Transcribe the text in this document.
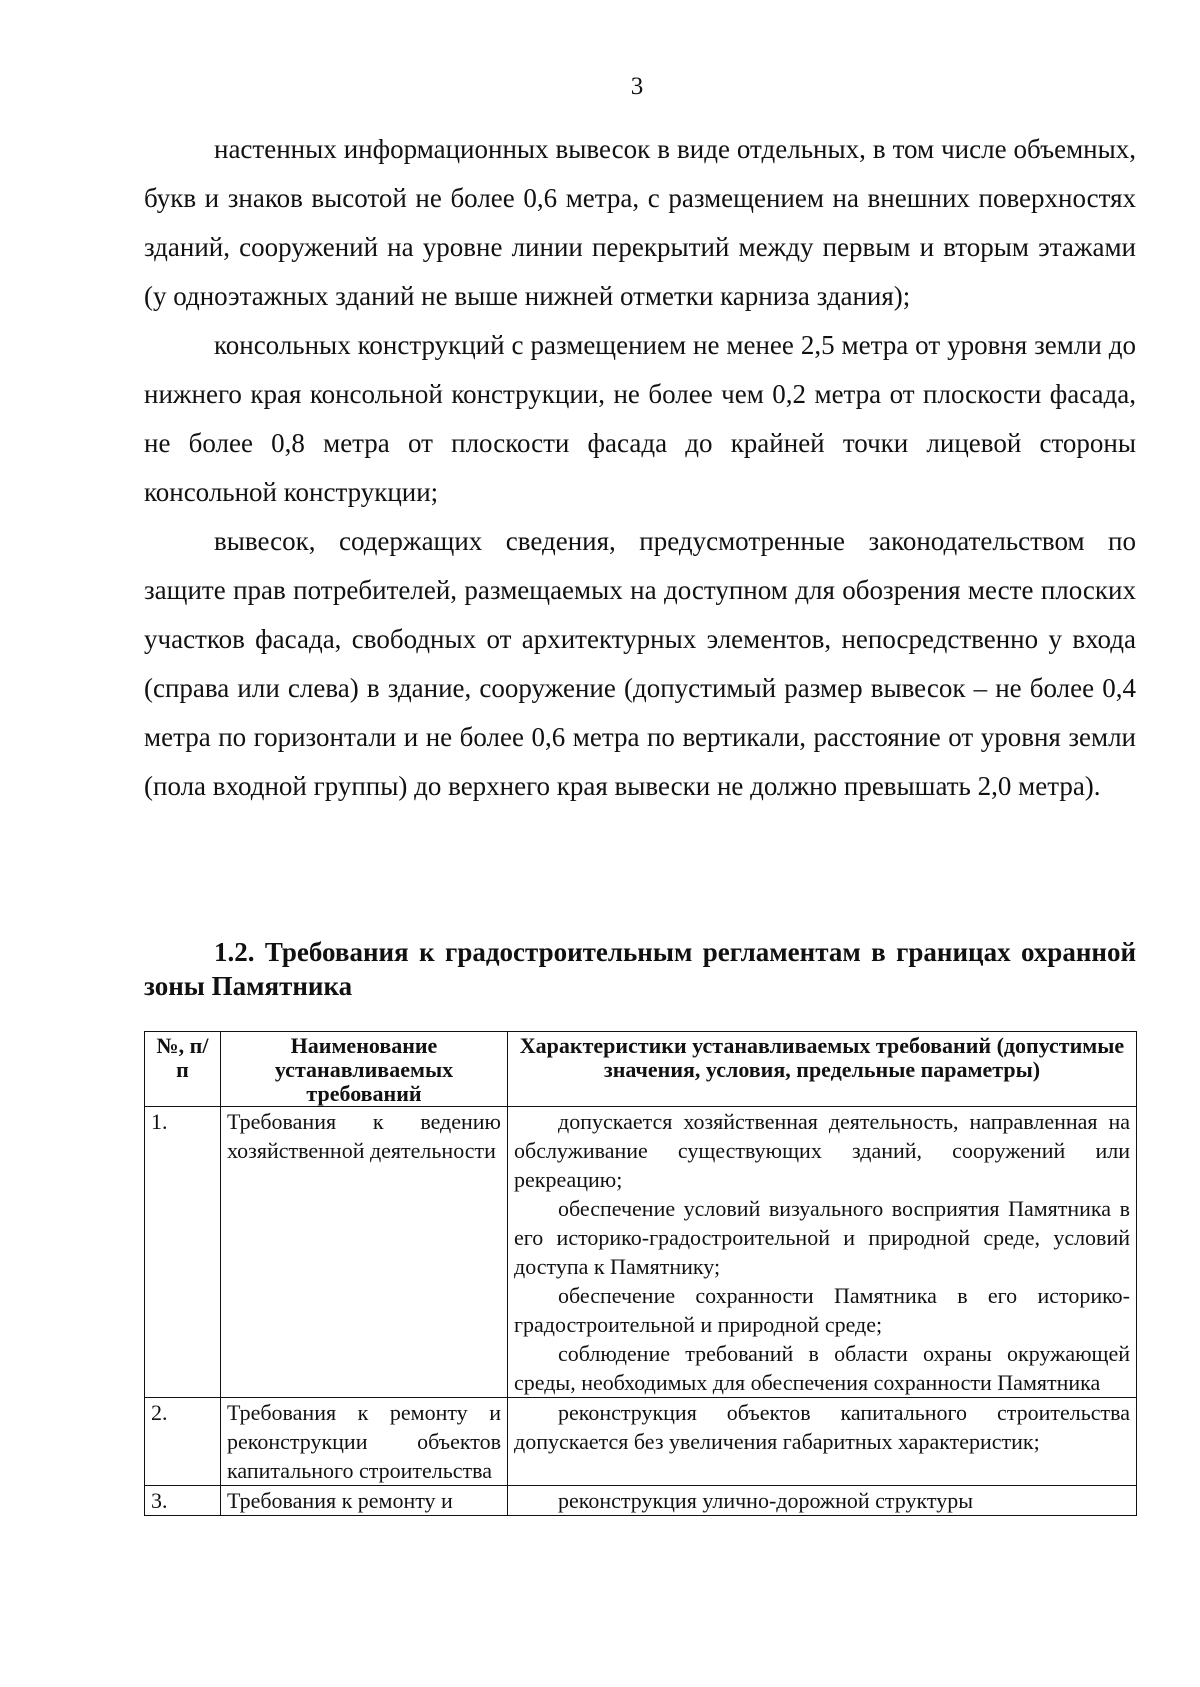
3

настенных информационных вывесок в виде отдельных, в том числе объемных, букв и знаков высотой не более 0,6 метра, с размещением на внешних поверхностях зданий, сооружений на уровне линии перекрытий между первым и вторым этажами (у одноэтажных зданий не выше нижней отметки карниза здания);

консольных конструкций с размещением не менее 2,5 метра от уровня земли до нижнего края консольной конструкции, не более чем 0,2 метра от плоскости фасада, не более 0,8 метра от плоскости фасада до крайней точки лицевой стороны консольной конструкции;

вывесок, содержащих сведения, предусмотренные законодательством по защите прав потребителей, размещаемых на доступном для обозрения месте плоских участков фасада, свободных от архитектурных элементов, непосредственно у входа (справа или слева) в здание, сооружение (допустимый размер вывесок – не более 0,4 метра по горизонтали и не более 0,6 метра по вертикали, расстояние от уровня земли (пола входной группы) до верхнего края вывески не должно превышать 2,0 метра).

1.2. Требования к градостроительным регламентам в границах охранной зоны Памятника

№, п/п	Наименование устанавливаемых требований	Характеристики устанавливаемых требований (допустимые значения, условия, предельные параметры)
1.	Требования к ведению хозяйственной деятельности	допускается хозяйственная деятельность, направленная на обслуживание существующих зданий, сооружений или рекреацию;

обеспечение условий визуального восприятия Памятника в его историко-градостроительной и природной среде, условий доступа к Памятнику;

обеспечение сохранности Памятника в его историко-градостроительной и природной среде;

соблюдение требований в области охраны окружающей среды, необходимых для обеспечения сохранности Памятника

2.	Требования к ремонту и реконструкции объектов капитального строительства	реконструкция объектов капитального строительства допускается без увеличения габаритных характеристик;

3.	Требования к ремонту и	реконструкция улично-дорожной структуры
